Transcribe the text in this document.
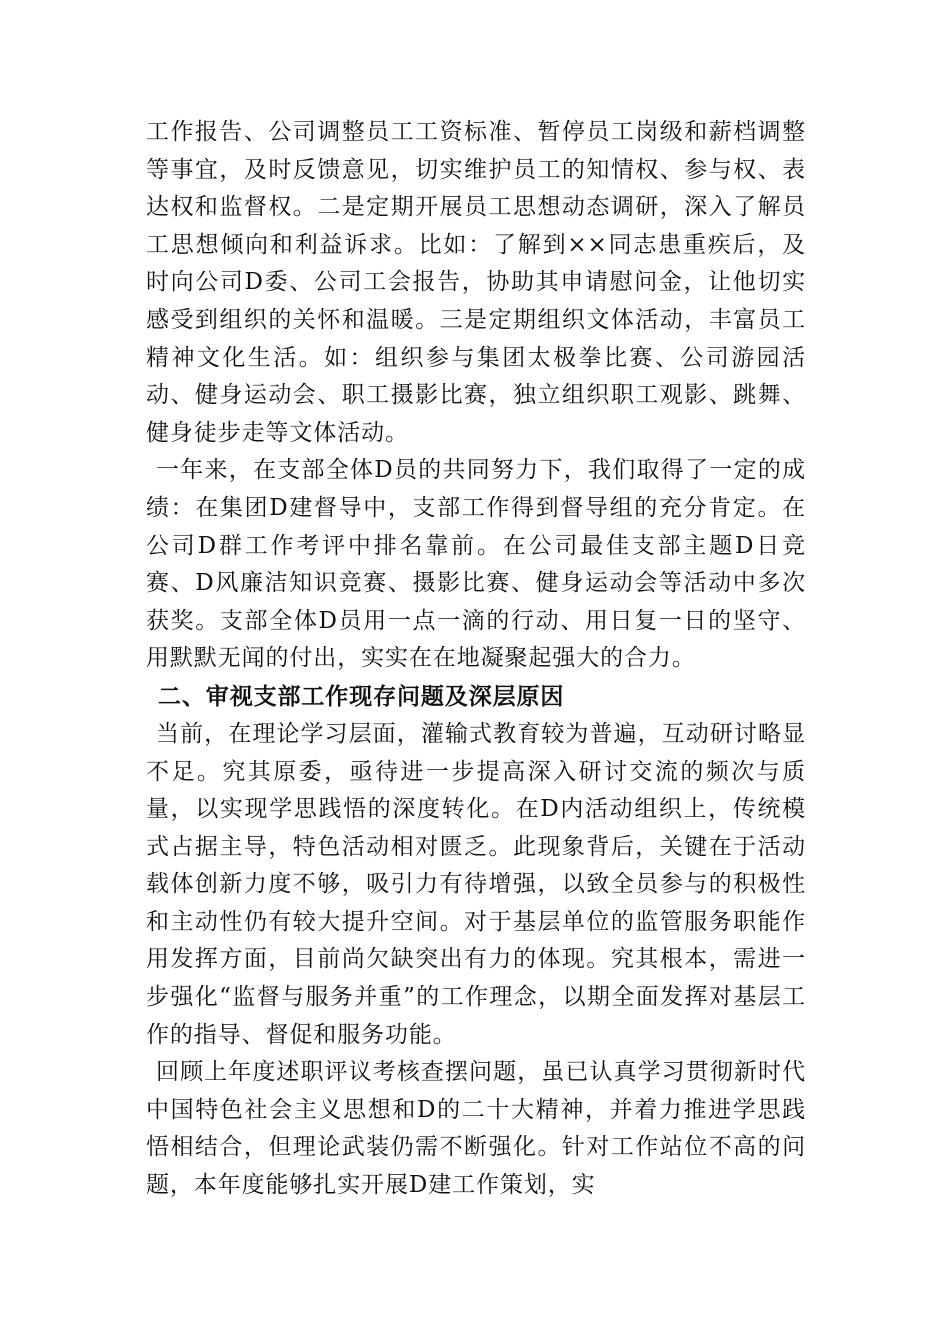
工作报告、公司调整员工工资标准、暂停员工岗级和薪档调整等事宜，及时反馈意见，切实维护员工的知情权、参与权、表达权和监督权。二是定期开展员工思想动态调研，深入了解员工思想倾向和利益诉求。比如：了解到××同志患重疾后，及时向公司D委、公司工会报告，协助其申请慰问金，让他切实感受到组织的关怀和温暖。三是定期组织文体活动，丰富员工精神文化生活。如：组织参与集团太极拳比赛、公司游园活动、健身运动会、职工摄影比赛，独立组织职工观影、跳舞、健身徒步走等文体活动。

一年来，在支部全体D员的共同努力下，我们取得了一定的成绩：在集团D建督导中，支部工作得到督导组的充分肯定。在公司D群工作考评中排名靠前。在公司最佳支部主题D日竞赛、D风廉洁知识竞赛、摄影比赛、健身运动会等活动中多次获奖。支部全体D员用一点一滴的行动、用日复一日的坚守、用默默无闻的付出，实实在在地凝聚起强大的合力。

二、审视支部工作现存问题及深层原因

当前，在理论学习层面，灌输式教育较为普遍，互动研讨略显不足。究其原委，亟待进一步提高深入研讨交流的频次与质量，以实现学思践悟的深度转化。在D内活动组织上，传统模式占据主导，特色活动相对匮乏。此现象背后，关键在于活动载体创新力度不够，吸引力有待增强，以致全员参与的积极性和主动性仍有较大提升空间。对于基层单位的监管服务职能作用发挥方面，目前尚欠缺突出有力的体现。究其根本，需进一步强化“监督与服务并重”的工作理念，以期全面发挥对基层工作的指导、督促和服务功能。

回顾上年度述职评议考核查摆问题，虽已认真学习贯彻新时代中国特色社会主义思想和D的二十大精神，并着力推进学思践悟相结合，但理论武装仍需不断强化。针对工作站位不高的问题，本年度能够扎实开展D建工作策划，实
